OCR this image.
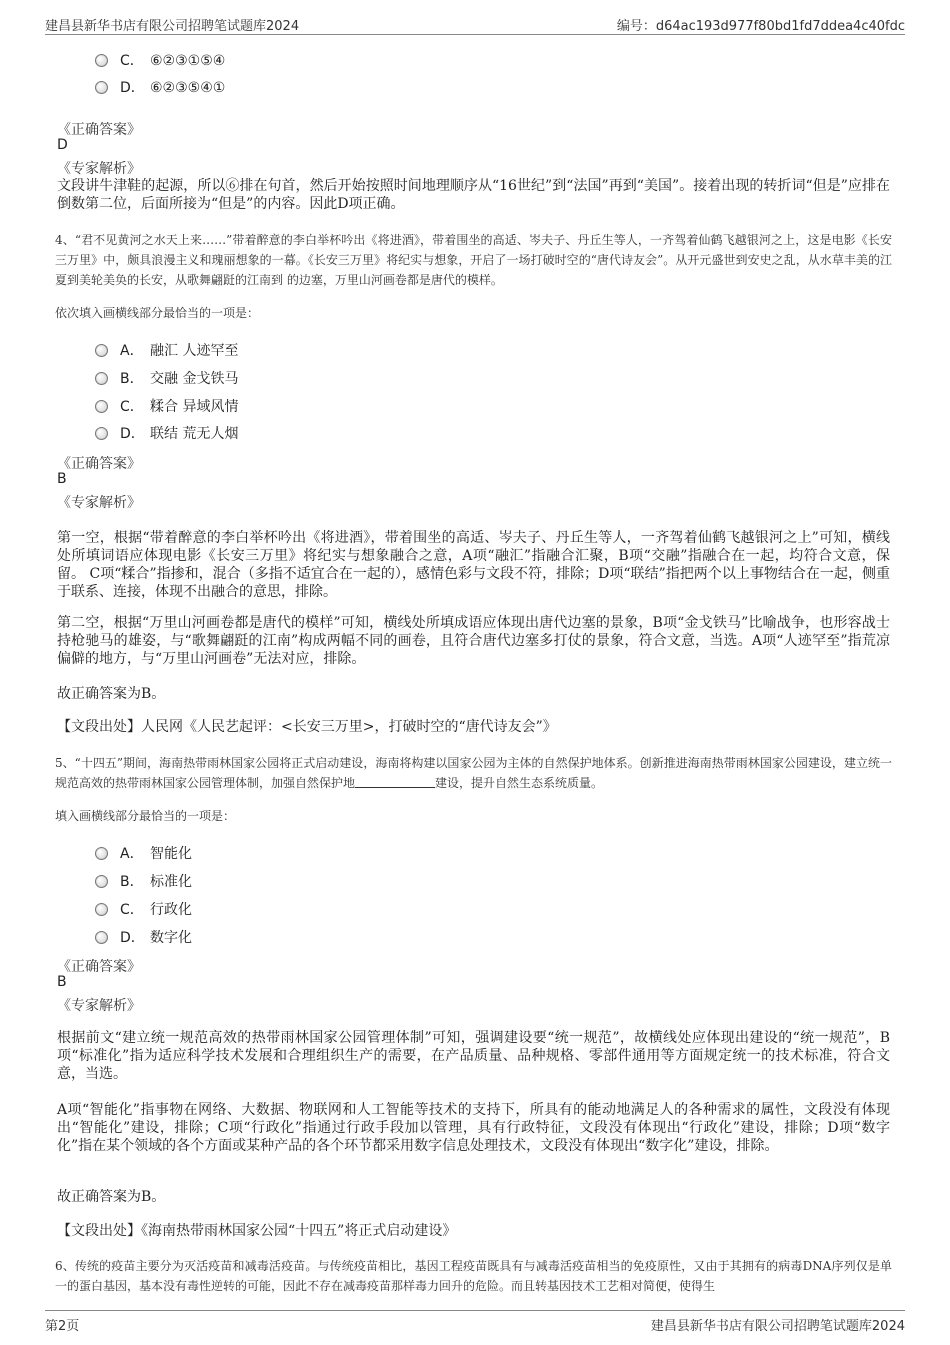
建昌县新华书店有限公司招聘笔试题库2024	编号：d64ac193d977f80bd1fd7ddea4c40fdc
C． ⑥②③①⑤④
D． ⑥②③⑤④①
《正确答案》
D
《专家解析》
文段讲牛津鞋的起源，所以⑥排在句首，然后开始按照时间地理顺序从“16世纪”到“法国”再到“美国”。接着出现的转折词“但是”应排在倒数第二位，后面所接为“但是”的内容。因此D项正确。
4、“君不见黄河之水天上来……”带着醉意的李白举杯吟出《将进酒》，带着围坐的高适、岑夫子、丹丘生等人，一齐驾着仙鹤飞越银河之上，这是电影《长安三万里》中，颇具浪漫主义和瑰丽想象的一幕。《长安三万里》将纪实与想象，开启了一场打破时空的“唐代诗友会”。从开元盛世到安史之乱，从水草丰美的江夏到美轮美奂的长安，从歌舞翩跹的江南到 的边塞，万里山河画卷都是唐代的模样。
依次填入画横线部分最恰当的一项是：
A． 融汇 人迹罕至
B． 交融 金戈铁马
C． 糅合 异域风情
D． 联结 荒无人烟
《正确答案》
B
《专家解析》
第一空，根据“带着醉意的李白举杯吟出《将进酒》，带着围坐的高适、岑夫子、丹丘生等人，一齐驾着仙鹤飞越银河之上”可知，横线处所填词语应体现电影《长安三万里》将纪实与想象融合之意，A项“融汇”指融合汇聚，B项“交融”指融合在一起，均符合文意，保留。 C项“糅合”指掺和，混合（多指不适宜合在一起的），感情色彩与文段不符，排除；D项“联结”指把两个以上事物结合在一起，侧重于联系、连接，体现不出融合的意思，排除。
第二空，根据“万里山河画卷都是唐代的模样”可知，横线处所填成语应体现出唐代边塞的景象，B项“金戈铁马”比喻战争，也形容战士持枪驰马的雄姿，与“歌舞翩跹的江南”构成两幅不同的画卷，且符合唐代边塞多打仗的景象，符合文意，当选。A项“人迹罕至”指荒凉偏僻的地方，与“万里山河画卷”无法对应，排除。
故正确答案为B。
【文段出处】人民网《人民艺起评：<长安三万里>，打破时空的“唐代诗友会”》
5、“十四五”期间，海南热带雨林国家公园将正式启动建设，海南将构建以国家公园为主体的自然保护地体系。创新推进海南热带雨林国家公园建设，建立统一规范高效的热带雨林国家公园管理体制，加强自然保护地	建设，提升自然生态系统质量。
填入画横线部分最恰当的一项是：
A． 智能化
B． 标准化
C． 行政化
D． 数字化
《正确答案》
B
《专家解析》
根据前文“建立统一规范高效的热带雨林国家公园管理体制”可知，强调建设要“统一规范”，故横线处应体现出建设的“统一规范”，B项“标准化”指为适应科学技术发展和合理组织生产的需要，在产品质量、品种规格、零部件通用等方面规定统一的技术标准，符合文意，当选。
A项“智能化”指事物在网络、大数据、物联网和人工智能等技术的支持下，所具有的能动地满足人的各种需求的属性，文段没有体现出“智能化”建设，排除；C项“行政化”指通过行政手段加以管理，具有行政特征，文段没有体现出“行政化”建设，排除；D项“数字化”指在某个领域的各个方面或某种产品的各个环节都采用数字信息处理技术，文段没有体现出“数字化”建设，排除。
故正确答案为B。
【文段出处】《海南热带雨林国家公园“十四五”将正式启动建设》
6、传统的疫苗主要分为灭活疫苗和减毒活疫苗。与传统疫苗相比，基因工程疫苗既具有与减毒活疫苗相当的免疫原性，又由于其拥有的病毒DNA序列仅是单一的蛋白基因，基本没有毒性逆转的可能，因此不存在减毒疫苗那样毒力回升的危险。而且转基因技术工艺相对简便，使得生
第2页	建昌县新华书店有限公司招聘笔试题库2024
